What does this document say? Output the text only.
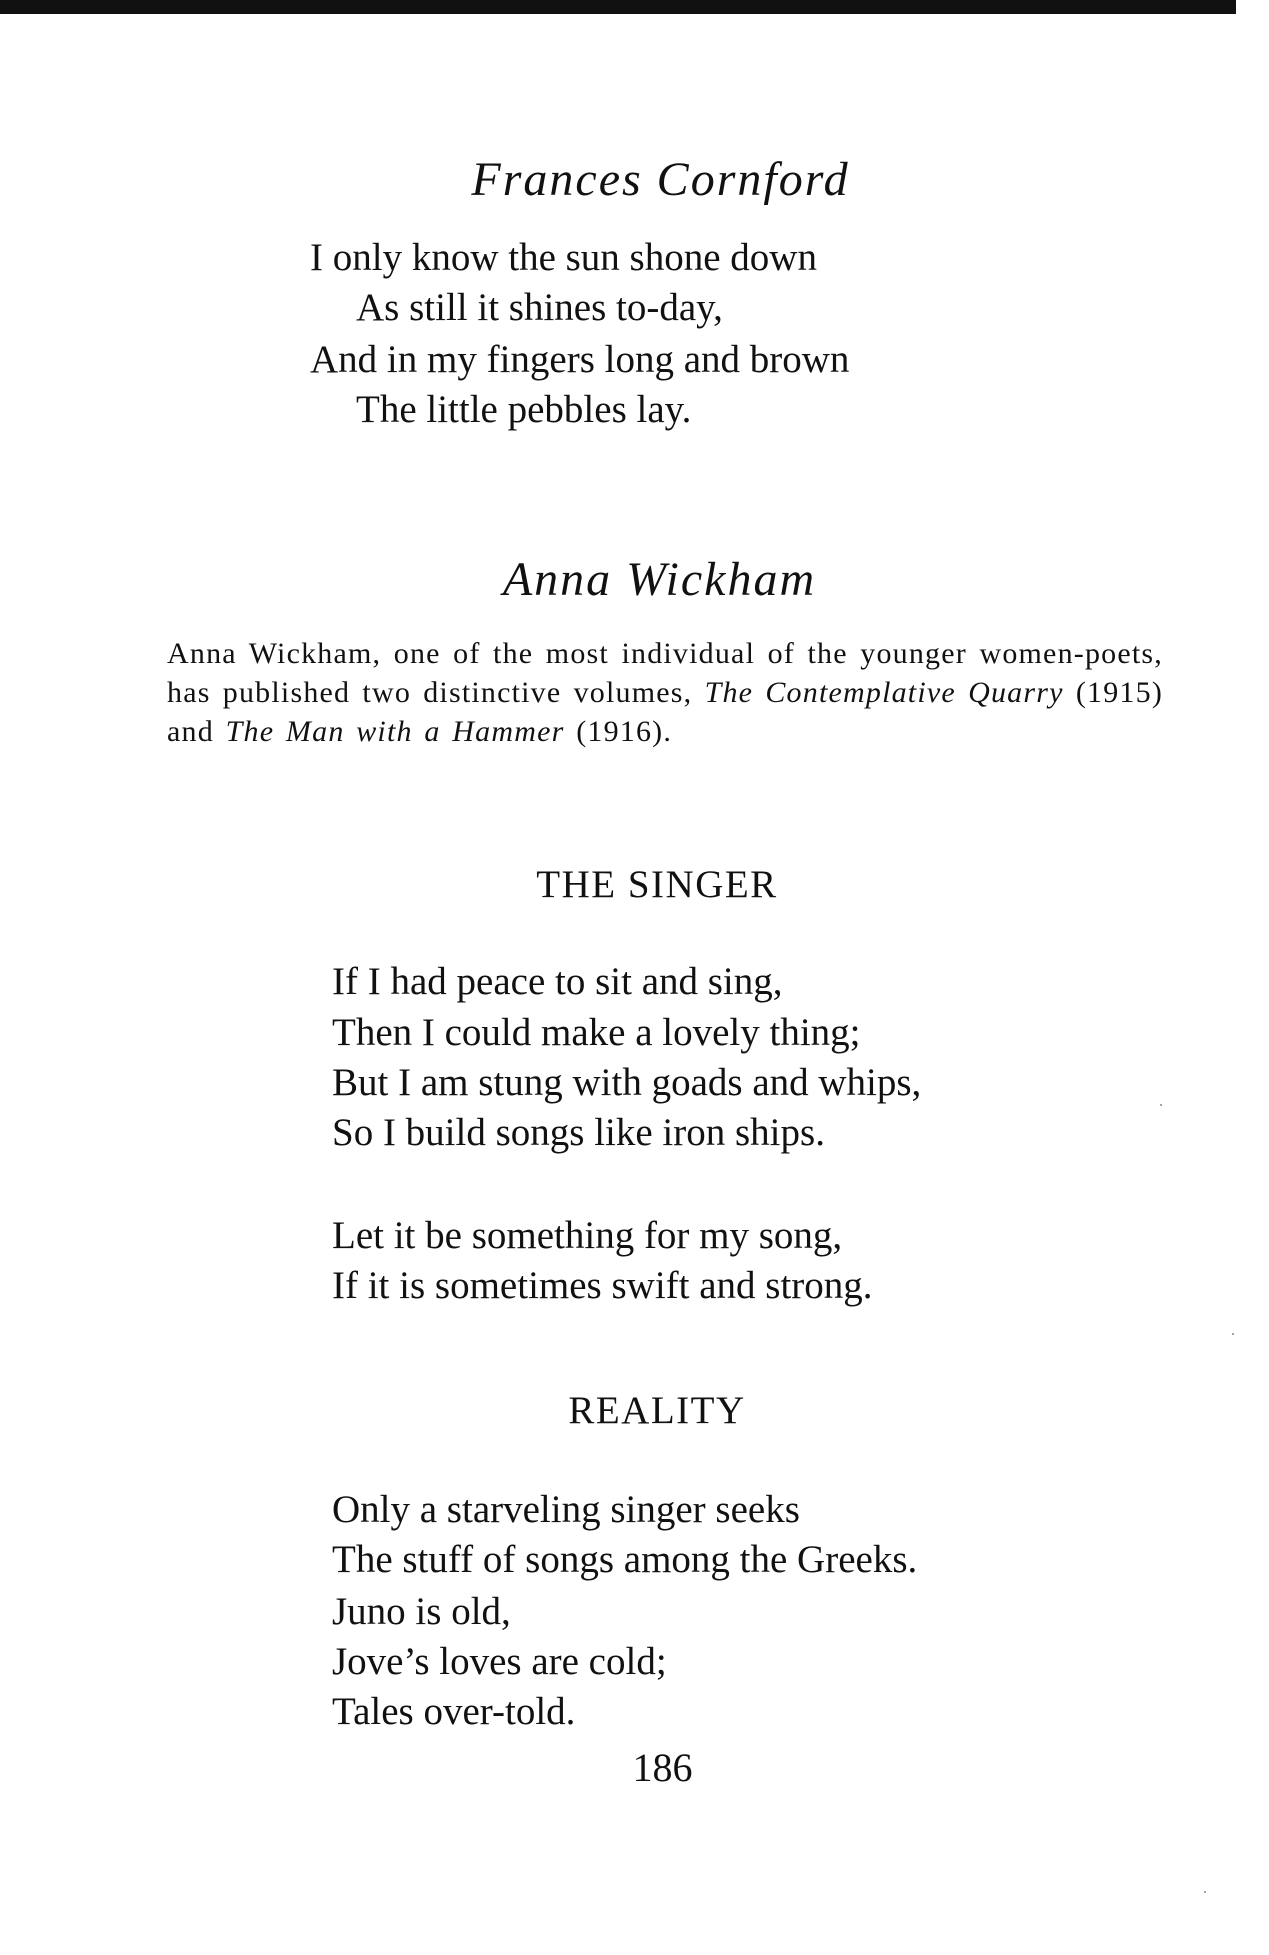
Frances Cornford
I only know the sun shone down
As still it shines to-day,
And in my fingers long and brown
The little pebbles lay.
Anna Wickham
Anna Wickham, one of the most individual of the younger women-poets, has published two distinctive volumes, The Contemplative Quarry (1915) and The Man with a Hammer (1916).
THE SINGER
If I had peace to sit and sing,
Then I could make a lovely thing;
But I am stung with goads and whips,
So I build songs like iron ships.
Let it be something for my song,
If it is sometimes swift and strong.
REALITY
Only a starveling singer seeks
The stuff of songs among the Greeks.
Juno is old,
Jove’s loves are cold;
Tales over-told.
186
